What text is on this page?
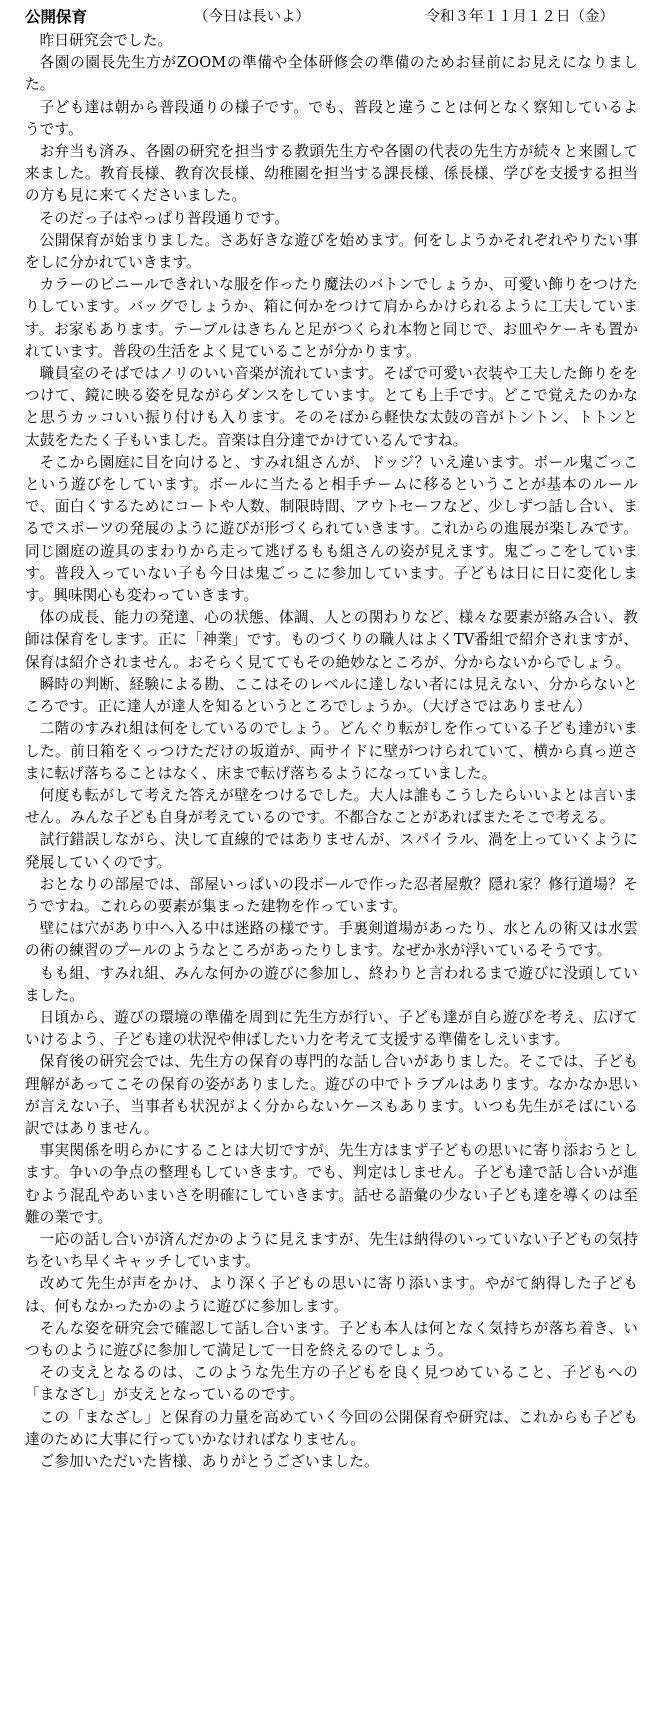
公開保育	（今日は長いよ）	令和３年１１月１２日（金）

昨日研究会でした。

各園の園長先生方がZOOMの準備や全体研修会の準備のためお昼前にお見えになりました。

子ども達は朝から普段通りの様子です。でも、普段と違うことは何となく察知しているようです。

お弁当も済み、各園の研究を担当する教頭先生方や各園の代表の先生方が続々と来園して来ました。教育長様、教育次長様、幼稚園を担当する課長様、係長様、学びを支援する担当の方も見に来てくださいました。

そのだっ子はやっぱり普段通りです。

公開保育が始まりました。さあ好きな遊びを始めます。何をしようかそれぞれやりたい事をしに分かれていきます。

カラーのビニールできれいな服を作ったり魔法のバトンでしょうか、可愛い飾りをつけたりしています。バッグでしょうか、箱に何かをつけて肩からかけられるように工夫しています。お家もあります。テーブルはきちんと足がつくられ本物と同じで、お皿やケーキも置かれています。普段の生活をよく見ていることが分かります。

職員室のそばではノリのいい音楽が流れています。そばで可愛い衣装や工夫した飾りををつけて、鏡に映る姿を見ながらダンスをしています。とても上手です。どこで覚えたのかなと思うカッコいい振り付けも入ります。そのそばから軽快な太鼓の音がトントン、トトンと太鼓をたたく子もいました。音楽は自分達でかけているんですね。

そこから園庭に目を向けると、すみれ組さんが、ドッジ？いえ違います。ボール鬼ごっこという遊びをしています。ボールに当たると相手チームに移るということが基本のルールで、面白くするためにコートや人数、制限時間、アウトセーフなど、少しずつ話し合い、まるでスポーツの発展のように遊びが形づくられていきます。これからの進展が楽しみです。同じ園庭の遊具のまわりから走って逃げるもも組さんの姿が見えます。鬼ごっこをしています。普段入っていない子も今日は鬼ごっこに参加しています。子どもは日に日に変化します。興味関心も変わっていきます。

体の成長、能力の発達、心の状態、体調、人との関わりなど、様々な要素が絡み合い、教師は保育をします。正に「神業」です。ものづくりの職人はよくTV番組で紹介されますが、保育は紹介されません。おそらく見ててもその絶妙なところが、分からないからでしょう。

瞬時の判断、経験による勘、ここはそのレベルに達しない者には見えない、分からないところです。正に達人が達人を知るというところでしょうか。（大げさではありません）

二階のすみれ組は何をしているのでしょう。どんぐり転がしを作っている子ども達がいました。前日箱をくっつけただけの坂道が、両サイドに壁がつけられていて、横から真っ逆さまに転げ落ちることはなく、床まで転げ落ちるようになっていました。

何度も転がして考えた答えが壁をつけるでした。大人は誰もこうしたらいいよとは言いません。みんな子ども自身が考えているのです。不都合なことがあればまたそこで考える。

試行錯誤しながら、決して直線的ではありませんが、スパイラル、渦を上っていくように発展していくのです。

おとなりの部屋では、部屋いっぱいの段ボールで作った忍者屋敷？隠れ家？修行道場？そうですね。これらの要素が集まった建物を作っています。

壁には穴があり中へ入る中は迷路の様です。手裏剣道場があったり、水とんの術又は水雲の術の練習のプールのようなところがあったりします。なぜか氷が浮いているそうです。

もも組、すみれ組、みんな何かの遊びに参加し、終わりと言われるまで遊びに没頭していました。

日頃から、遊びの環境の準備を周到に先生方が行い、子ども達が自ら遊びを考え、広げていけるよう、子ども達の状況や伸ばしたい力を考えて支援する準備をしえいます。

保育後の研究会では、先生方の保育の専門的な話し合いがありました。そこでは、子ども理解があってこその保育の姿がありました。遊びの中でトラブルはあります。なかなか思いが言えない子、当事者も状況がよく分からないケースもあります。いつも先生がそばにいる訳ではありません。

事実関係を明らかにすることは大切ですが、先生方はまず子どもの思いに寄り添おうとします。争いの争点の整理もしていきます。でも、判定はしません。子ども達で話し合いが進むよう混乱やあいまいさを明確にしていきます。話せる語彙の少ない子ども達を導くのは至難の業です。

一応の話し合いが済んだかのように見えますが、先生は納得のいっていない子どもの気持ちをいち早くキャッチしています。

改めて先生が声をかけ、より深く子どもの思いに寄り添います。やがて納得した子どもは、何もなかったかのように遊びに参加します。

そんな姿を研究会で確認して話し合います。子ども本人は何となく気持ちが落ち着き、いつものように遊びに参加して満足して一日を終えるのでしょう。

その支えとなるのは、このような先生方の子どもを良く見つめていること、子どもへの「まなざし」が支えとなっているのです。

この「まなざし」と保育の力量を高めていく今回の公開保育や研究は、これからも子ども達のために大事に行っていかなければなりません。

ご参加いただいた皆様、ありがとうございました。
